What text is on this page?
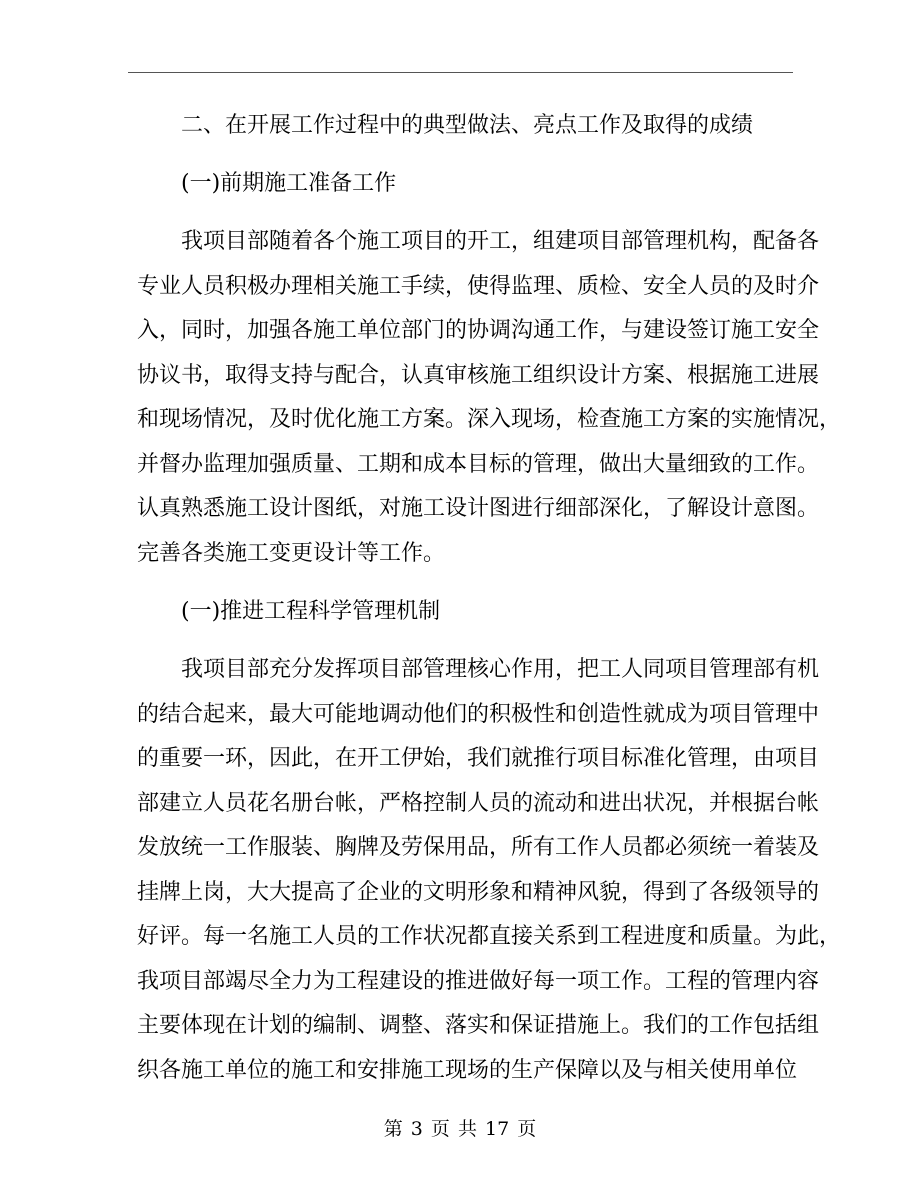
二、在开展工作过程中的典型做法、亮点工作及取得的成绩

(一)前期施工准备工作

我项目部随着各个施工项目的开工，组建项目部管理机构，配备各
专业人员积极办理相关施工手续，使得监理、质检、安全人员的及时介
入，同时，加强各施工单位部门的协调沟通工作，与建设签订施工安全
协议书，取得支持与配合，认真审核施工组织设计方案、根据施工进展
和现场情况，及时优化施工方案。深入现场，检查施工方案的实施情况，
并督办监理加强质量、工期和成本目标的管理，做出大量细致的工作。
认真熟悉施工设计图纸，对施工设计图进行细部深化，了解设计意图。
完善各类施工变更设计等工作。

(一)推进工程科学管理机制

我项目部充分发挥项目部管理核心作用，把工人同项目管理部有机
的结合起来，最大可能地调动他们的积极性和创造性就成为项目管理中
的重要一环，因此，在开工伊始，我们就推行项目标准化管理，由项目
部建立人员花名册台帐，严格控制人员的流动和进出状况，并根据台帐
发放统一工作服装、胸牌及劳保用品，所有工作人员都必须统一着装及
挂牌上岗，大大提高了企业的文明形象和精神风貌，得到了各级领导的
好评。每一名施工人员的工作状况都直接关系到工程进度和质量。为此，
我项目部竭尽全力为工程建设的推进做好每一项工作。工程的管理内容
主要体现在计划的编制、调整、落实和保证措施上。我们的工作包括组
织各施工单位的施工和安排施工现场的生产保障以及与相关使用单位
第 3 页 共 17 页
